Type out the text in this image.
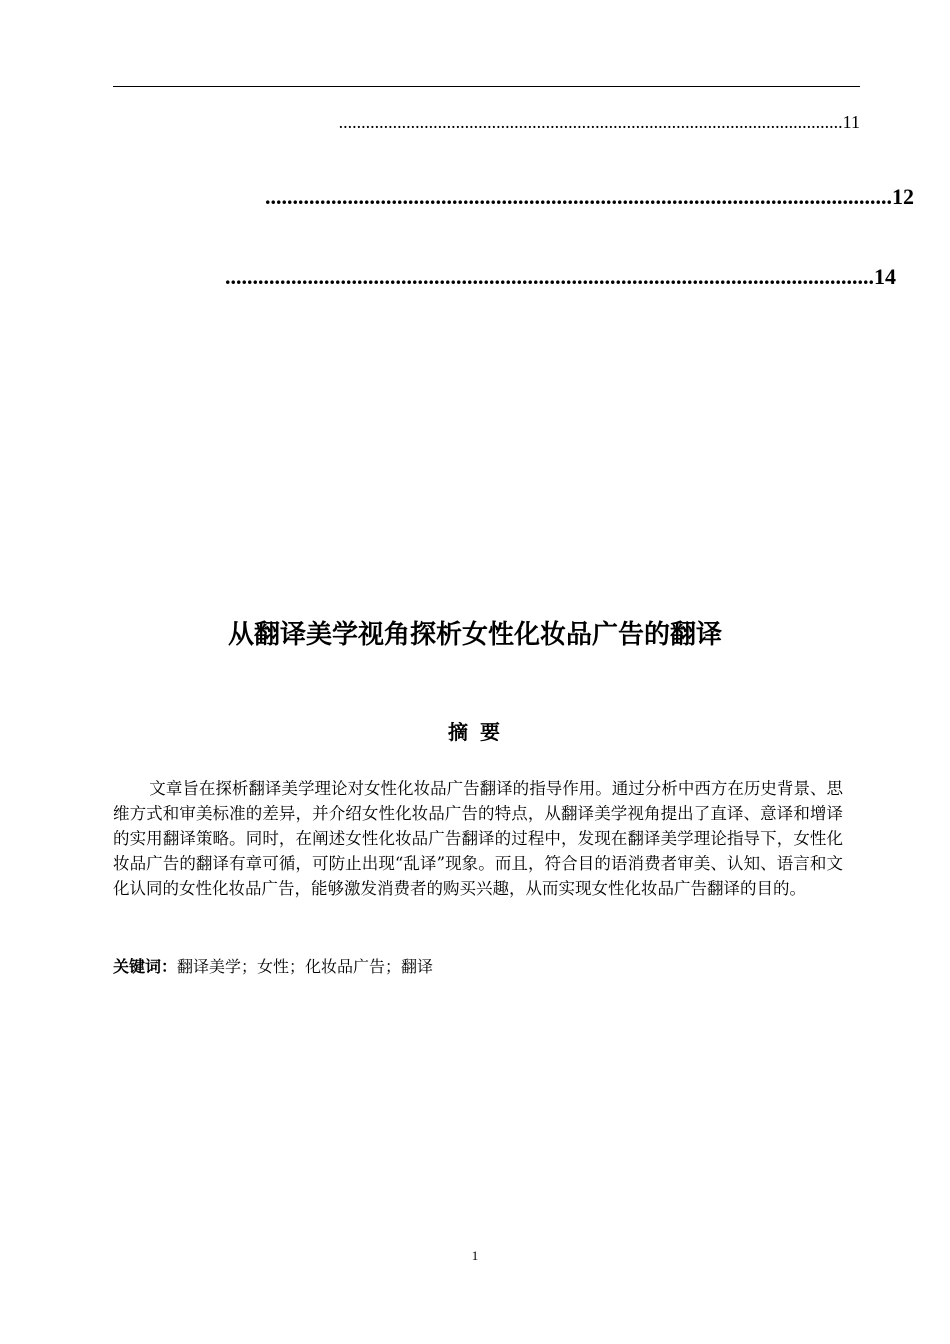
................................................................................................................11
..................................................................................................................12
......................................................................................................................14
从翻译美学视角探析女性化妆品广告的翻译
摘要
文章旨在探析翻译美学理论对女性化妆品广告翻译的指导作用。通过分析中西方在历史背景、思维方式和审美标准的差异，并介绍女性化妆品广告的特点，从翻译美学视角提出了直译、意译和增译的实用翻译策略。同时，在阐述女性化妆品广告翻译的过程中，发现在翻译美学理论指导下，女性化妆品广告的翻译有章可循，可防止出现“乱译”现象。而且，符合目的语消费者审美、认知、语言和文化认同的女性化妆品广告，能够激发消费者的购买兴趣，从而实现女性化妆品广告翻译的目的。
关键词：翻译美学；女性；化妆品广告；翻译
1
